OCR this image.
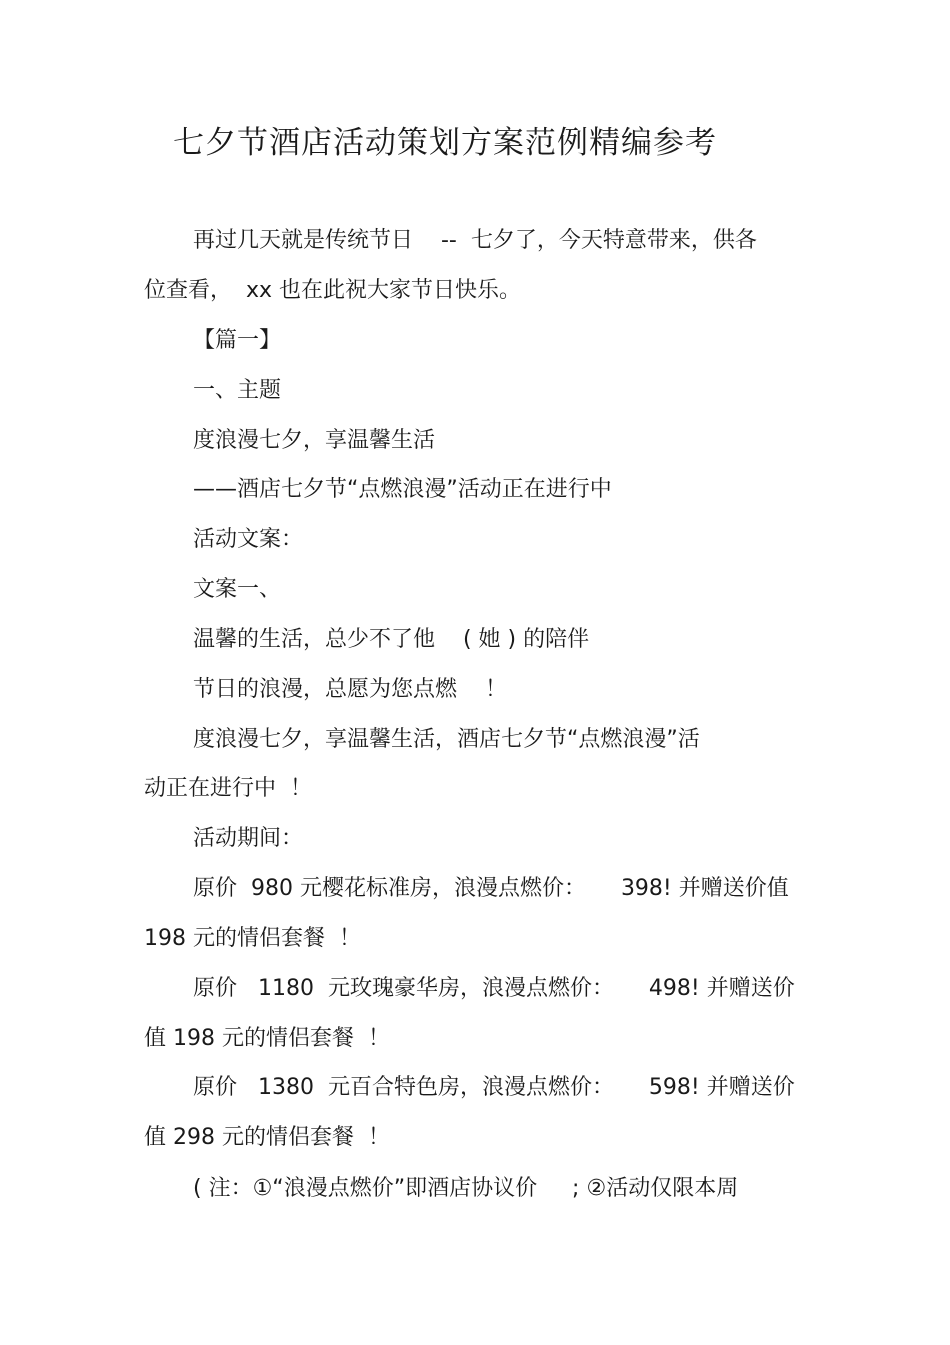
七夕节酒店活动策划方案范例精编参考
再过几天就是传统节日    --  七夕了，今天特意带来，供各
位查看，  xx 也在此祝大家节日快乐。
【篇一】
一、主题
度浪漫七夕，享温馨生活
——酒店七夕节“点燃浪漫”活动正在进行中
活动文案：
文案一、
温馨的生活，总少不了他    ( 她 ) 的陪伴
节日的浪漫，总愿为您点燃    ！
度浪漫七夕，享温馨生活，酒店七夕节“点燃浪漫”活
动正在进行中  ！
活动期间：
原价  980 元樱花标准房，浪漫点燃价：     398! 并赠送价值
198 元的情侣套餐  ！
原价   1180  元玫瑰豪华房，浪漫点燃价：     498! 并赠送价
值 198 元的情侣套餐  ！
原价   1380  元百合特色房，浪漫点燃价：     598! 并赠送价
值 298 元的情侣套餐  ！
( 注：①“浪漫点燃价”即酒店协议价     ; ②活动仅限本周
